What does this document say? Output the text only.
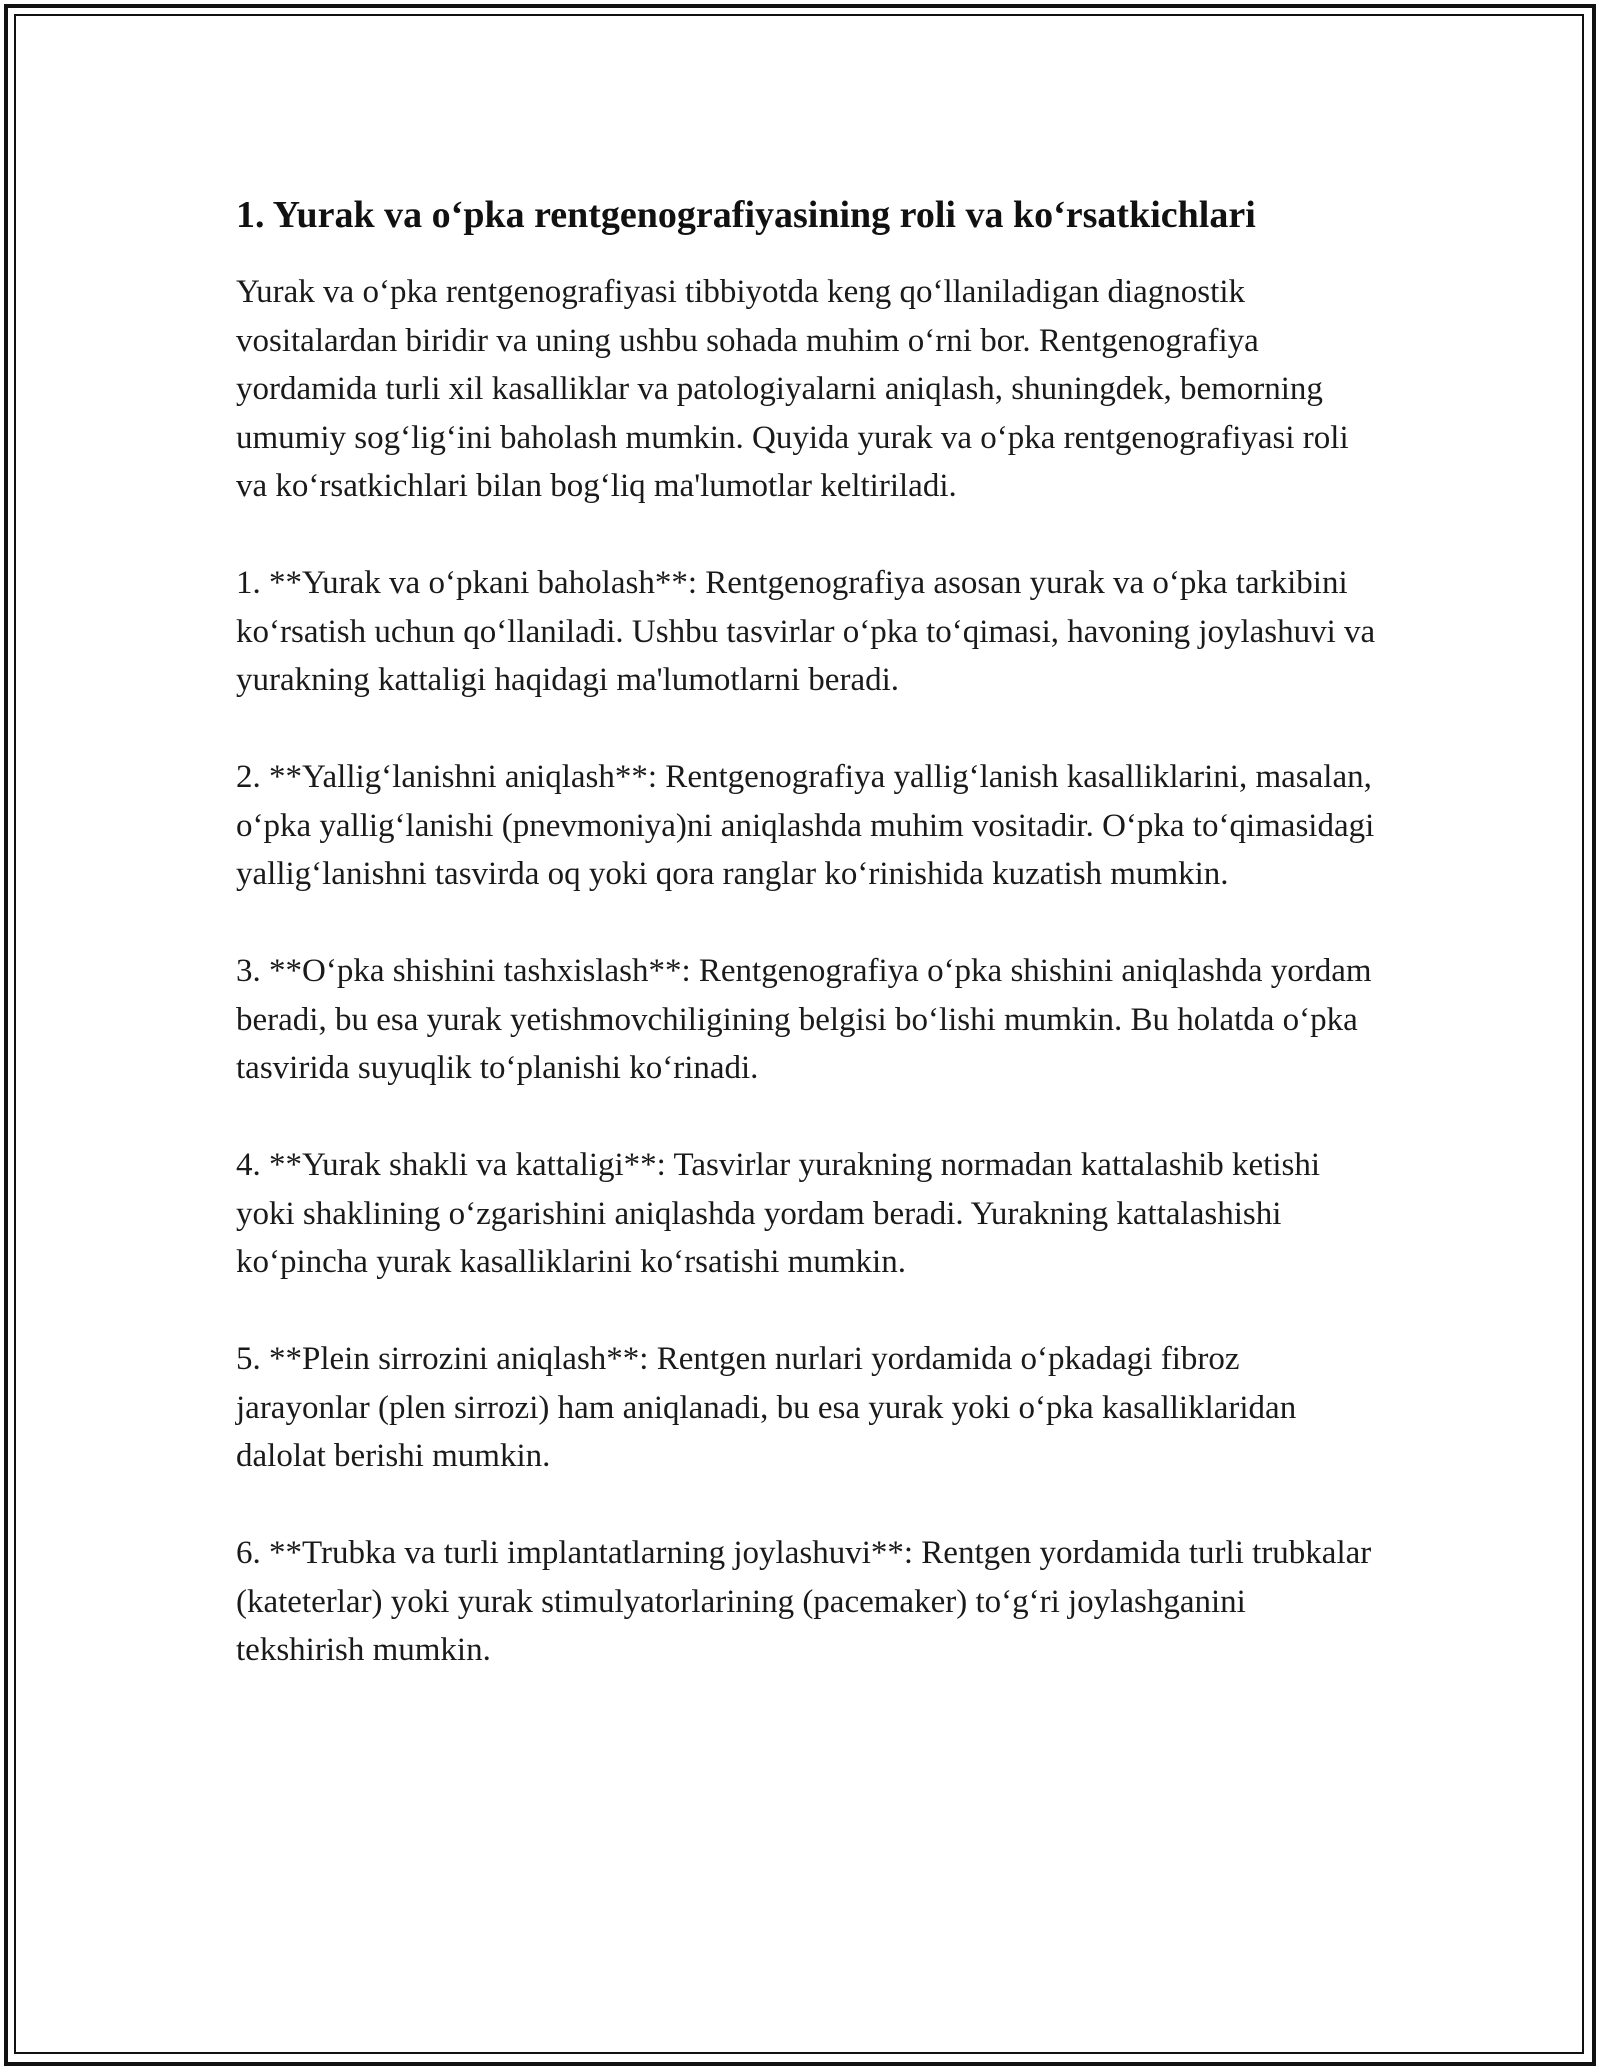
1. Yurak va o‘pka rentgenografiyasining roli va ko‘rsatkichlari

Yurak va o‘pka rentgenografiyasi tibbiyotda keng qo‘llaniladigan diagnostik vositalardan biridir va uning ushbu sohada muhim o‘rni bor. Rentgenografiya yordamida turli xil kasalliklar va patologiyalarni aniqlash, shuningdek, bemorning umumiy sog‘lig‘ini baholash mumkin. Quyida yurak va o‘pka rentgenografiyasi roli va ko‘rsatkichlari bilan bog‘liq ma'lumotlar keltiriladi.

1. **Yurak va o‘pkani baholash**: Rentgenografiya asosan yurak va o‘pka tarkibini ko‘rsatish uchun qo‘llaniladi. Ushbu tasvirlar o‘pka to‘qimasi, havoning joylashuvi va yurakning kattaligi haqidagi ma'lumotlarni beradi.

2. **Yallig‘lanishni aniqlash**: Rentgenografiya yallig‘lanish kasalliklarini, masalan, o‘pka yallig‘lanishi (pnevmoniya)ni aniqlashda muhim vositadir. O‘pka to‘qimasidagi yallig‘lanishni tasvirda oq yoki qora ranglar ko‘rinishida kuzatish mumkin.

3. **O‘pka shishini tashxislash**: Rentgenografiya o‘pka shishini aniqlashda yordam beradi, bu esa yurak yetishmovchiligining belgisi bo‘lishi mumkin. Bu holatda o‘pka tasvirida suyuqlik to‘planishi ko‘rinadi.

4. **Yurak shakli va kattaligi**: Tasvirlar yurakning normadan kattalashib ketishi yoki shaklining o‘zgarishini aniqlashda yordam beradi. Yurakning kattalashishi ko‘pincha yurak kasalliklarini ko‘rsatishi mumkin.

5. **Plein sirrozini aniqlash**: Rentgen nurlari yordamida o‘pkadagi fibroz jarayonlar (plen sirrozi) ham aniqlanadi, bu esa yurak yoki o‘pka kasalliklaridan dalolat berishi mumkin.

6. **Trubka va turli implantatlarning joylashuvi**: Rentgen yordamida turli trubkalar (kateterlar) yoki yurak stimulyatorlarining (pacemaker) to‘g‘ri joylashganini tekshirish mumkin.
